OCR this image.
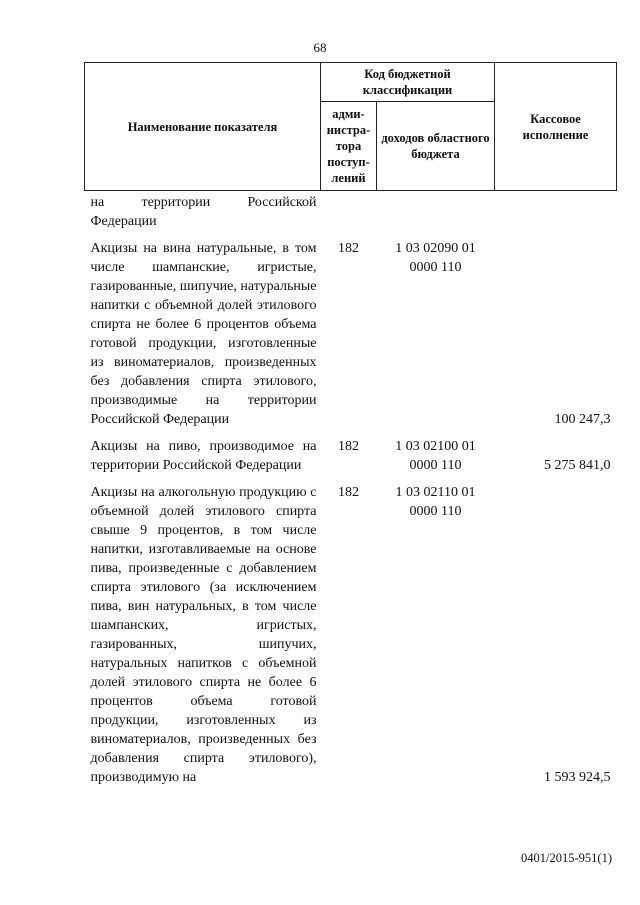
68
Наименование показателя	Код бюджетной классификации		Кассовое исполнение
	адми-нистра-тора поступ-лений	доходов областного бюджета	
на территории Российской Федерации			
Акцизы на вина натуральные, в том числе шампанские, игристые, газированные, шипучие, натуральные напитки с объемной долей этилового спирта не более 6 процентов объема готовой продукции, изготовленные из виноматериалов, произведенных без добавления спирта этилового, производимые на территории Российской Федерации	182	1 03 02090 01 0000 110	100 247,3
Акцизы на пиво, производимое на территории Российской Федерации	182	1 03 02100 01 0000 110	5 275 841,0
Акцизы на алкогольную продукцию с объемной долей этилового спирта свыше 9 процентов, в том числе напитки, изготавливаемые на основе пива, произведенные с добавлением спирта этилового (за исключением пива, вин натуральных, в том числе шампанских, игристых, газированных, шипучих, натуральных напитков с объемной долей этилового спирта не более 6 процентов объема готовой продукции, изготовленных из виноматериалов, произведенных без добавления спирта этилового), производимую на	182	1 03 02110 01 0000 110	1 593 924,5
0401/2015-951(1)
